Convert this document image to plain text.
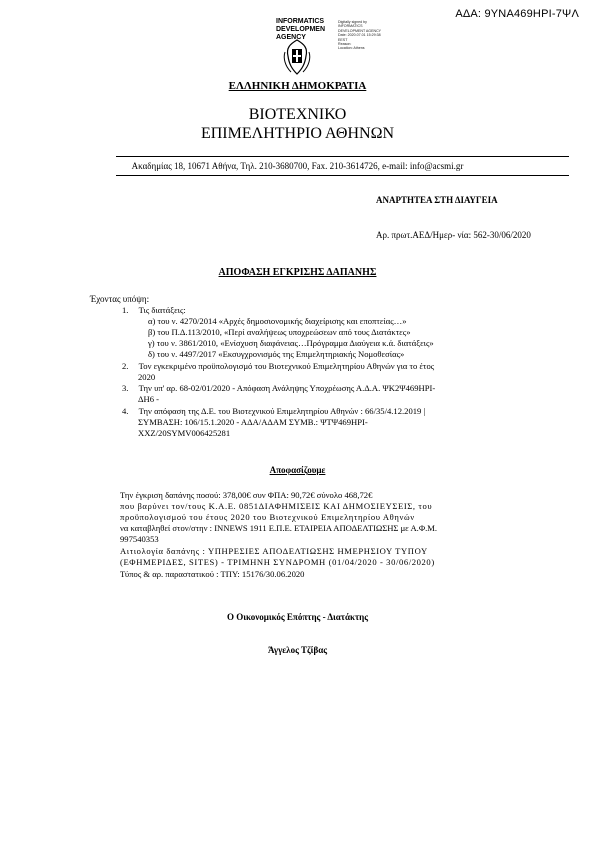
ΑΔΑ: 9ΥΝΑ469ΗΡΙ-7ΨΛ
INFORMATICS
DEVELOPMEN
AGENCY
Digitally signed by
INFORMATICS
DEVELOPMENT AGENCY
Date: 2020.07.01 15:29:38
EEST
Reason:
Location: Athens
ΕΛΛΗΝΙΚΗ ΔΗΜΟΚΡΑΤΙΑ
ΒΙΟΤΕΧΝΙΚΟ
ΕΠΙΜΕΛΗΤΗΡΙΟ ΑΘΗΝΩΝ
Ακαδημίας 18, 10671 Αθήνα, Τηλ. 210-3680700, Fax. 210-3614726, e-mail: info@acsmi.gr
ΑΝΑΡΤΗΤΕΑ ΣΤΗ ΔΙΑΥΓΕΙΑ
Αρ. πρωτ.ΑΕΔ/Ημερ- νία: 562-30/06/2020
ΑΠΟΦΑΣΗ ΕΓΚΡΙΣΗΣ ΔΑΠΑΝΗΣ
Έχοντας υπόψη:
1. Τις διατάξεις:
α) του ν. 4270/2014 «Αρχές δημοσιονομικής διαχείρισης και εποπτείας…»
β) του Π.Δ.113/2010, «Περί αναλήψεως υποχρεώσεων από τους Διατάκτες»
γ) του ν. 3861/2010, «Ενίσχυση διαφάνειας…Πρόγραμμα Διαύγεια κ.ά. διατάξεις»
δ) του ν. 4497/2017 «Εκσυγχρονισμός της Επιμελητηριακής Νομοθεσίας»
2. Τον εγκεκριμένο προϋπολογισμό του Βιοτεχνικού Επιμελητηρίου Αθηνών για το έτος
2020
3. Την υπ' αρ. 68-02/01/2020 - Απόφαση Ανάληψης Υποχρέωσης Α.Δ.Α. ΨΚ2Ψ469ΗΡΙ-
ΔΗ6 -
4. Την απόφαση της Δ.Ε. του Βιοτεχνικού Επιμελητηρίου Αθηνών : 66/35/4.12.2019 |
ΣΥΜΒΑΣΗ: 106/15.1.2020 - ΑΔΑ/ΑΔΑΜ ΣΥΜΒ.: ΨΤΨ469ΗΡΙ-
ΧΧΖ/20SYMV006425281
Αποφασίζουμε
Την έγκριση δαπάνης ποσού: 378,00€ συν ΦΠΑ: 90,72€ σύνολο 468,72€
που βαρύνει τον/τους Κ.Α.Ε. 0851ΔΙΑΦΗΜΙΣΕΙΣ ΚΑΙ ΔΗΜΟΣΙΕΥΣΕΙΣ, του
προϋπολογισμού του έτους 2020 του Βιοτεχνικού Επιμελητηρίου Αθηνών
να καταβληθεί στον/στην : INNEWS 1911 Ε.Π.Ε. ΕΤΑΙΡΕΙΑ ΑΠΟΔΕΛΤΙΩΣΗΣ με Α.Φ.Μ.
997540353
Αιτιολογία δαπάνης : ΥΠΗΡΕΣΙΕΣ ΑΠΟΔΕΛΤΙΩΣΗΣ ΗΜΕΡΗΣΙΟΥ ΤΥΠΟΥ
(ΕΦΗΜΕΡΙΔΕΣ, SITES) - ΤΡΙΜΗΝΗ ΣΥΝΔΡΟΜΗ (01/04/2020 - 30/06/2020)
Τύπος & αρ. παραστατικού : ΤΠΥ: 15176/30.06.2020
Ο Οικονομικός Επόπτης - Διατάκτης
Άγγελος Τζίβας
